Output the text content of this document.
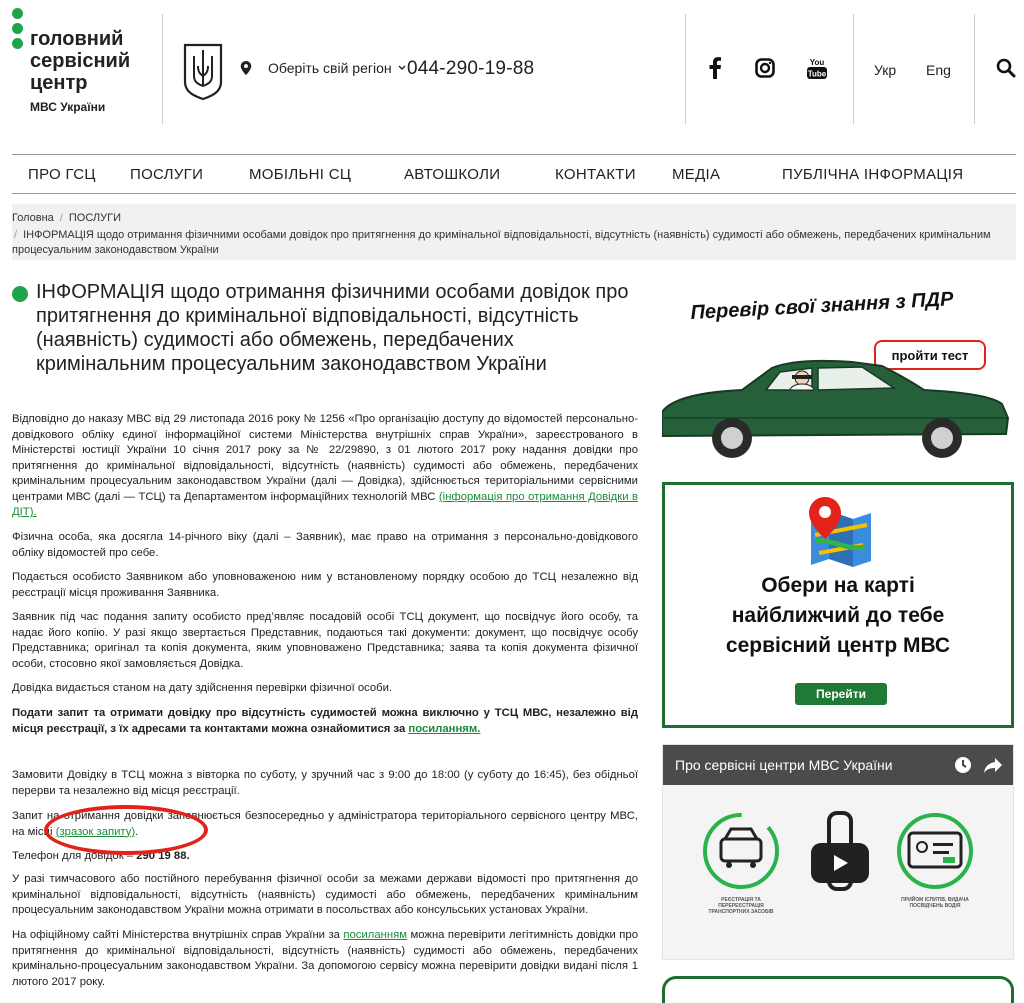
головний
сервісний
центр
МВС України
Оберіть свій регіон 044-290-19-88	You
Tube	Укр Eng
ПРО ГСЦ ПОСЛУГИ	МОБІЛЬНІ СЦ	АВТОШКОЛИ	КОНТАКТИ МЕДІА	ПУБЛІЧНА ІНФОРМАЦІЯ
Головна / ПОСЛУГИ
/ ІНФОРМАЦІЯ щодо отримання фізичними особами довідок про притягнення до кримінальної відповідальності, відсутність (наявність) судимості або обмежень, передбачених кримінальним процесуальним законодавством України
ІНФОРМАЦІЯ щодо отримання фізичними особами довідок про притягнення до кримінальної відповідальності, відсутність (наявність) судимості або обмежень, передбачених кримінальним процесуальним законодавством України

Відповідно до наказу МВС від 29 листопада 2016 року № 1256 «Про організацію доступу до відомостей персонально-довідкового обліку єдиної інформаційної системи Міністерства внутрішніх справ України», зареєстрованого в Міністерстві юстиції України 10 січня 2017 року за № 22/29890, з 01 лютого 2017 року надання довідки про притягнення до кримінальної відповідальності, відсутність (наявність) судимості або обмежень, передбачених кримінальним процесуальним законодавством України (далі — Довідка), здійснюється територіальними сервісними центрами МВС (далі — ТСЦ) та Департаментом інформаційних технологій МВС (інформація про отримання Довідки в ДІТ).

Фізична особа, яка досягла 14-річного віку (далі – Заявник), має право на отримання з персонально-довідкового обліку відомостей про себе.

Подається особисто Заявником або уповноваженою ним у встановленому порядку особою до ТСЦ незалежно від реєстрації місця проживання Заявника.

Заявник під час подання запиту особисто пред’являє посадовій особі ТСЦ документ, що посвідчує його особу, та надає його копію. У разі якщо звертається Представник, подаються такі документи: документ, що посвідчує особу Представника; оригінал та копія документа, яким уповноважено Представника; заява та копія документа фізичної особи, стосовно якої замовляється Довідка.

Довідка видається станом на дату здійснення перевірки фізичної особи.

Подати запит та отримати довідку про відсутність судимостей можна виключно у ТСЦ МВС, незалежно від місця реєстрації, з їх адресами та контактами можна ознайомитися за посиланням.

Замовити Довідку в ТСЦ можна з вівторка по суботу, у зручний час з 9:00 до 18:00 (у суботу до 16:45), без обідньої перерви та незалежно від місця реєстрації.

Запит на отримання довідки заповнюється безпосередньо у адміністратора територіального сервісного центру МВС, на місці (зразок запиту).

Телефон для довідок – 290 19 88.

У разі тимчасового або постійного перебування фізичної особи за межами держави відомості про притягнення до кримінальної відповідальності, відсутність (наявність) судимості або обмежень, передбачених кримінальним процесуальним законодавством України можна отримати в посольствах або консульських установах України.

На офіційному сайті Міністерства внутрішніх справ України за посиланням можна перевірити легітимність довідки про притягнення до кримінальної відповідальності, відсутність (наявність) судимості або обмежень, передбачених кримінально-процесуальним законодавством України. За допомогою сервісу можна перевірити довідки видані після 1 лютого 2017 року.

Перевір свої знання з ПДР
пройти тест
Обери на карті
найближчий до тебе
сервісний центр МВС
Перейти
Про сервісні центри МВС України
РЕЄСТРАЦІЯ ТА ПЕРЕРЕЄСТРАЦІЯ ТРАНСПОРТНИХ ЗАСОБІВ
ПРИЙОМ ІСПИТІВ, ВИДАЧА ПОСВІДЧЕНЬ ВОДІЯ
